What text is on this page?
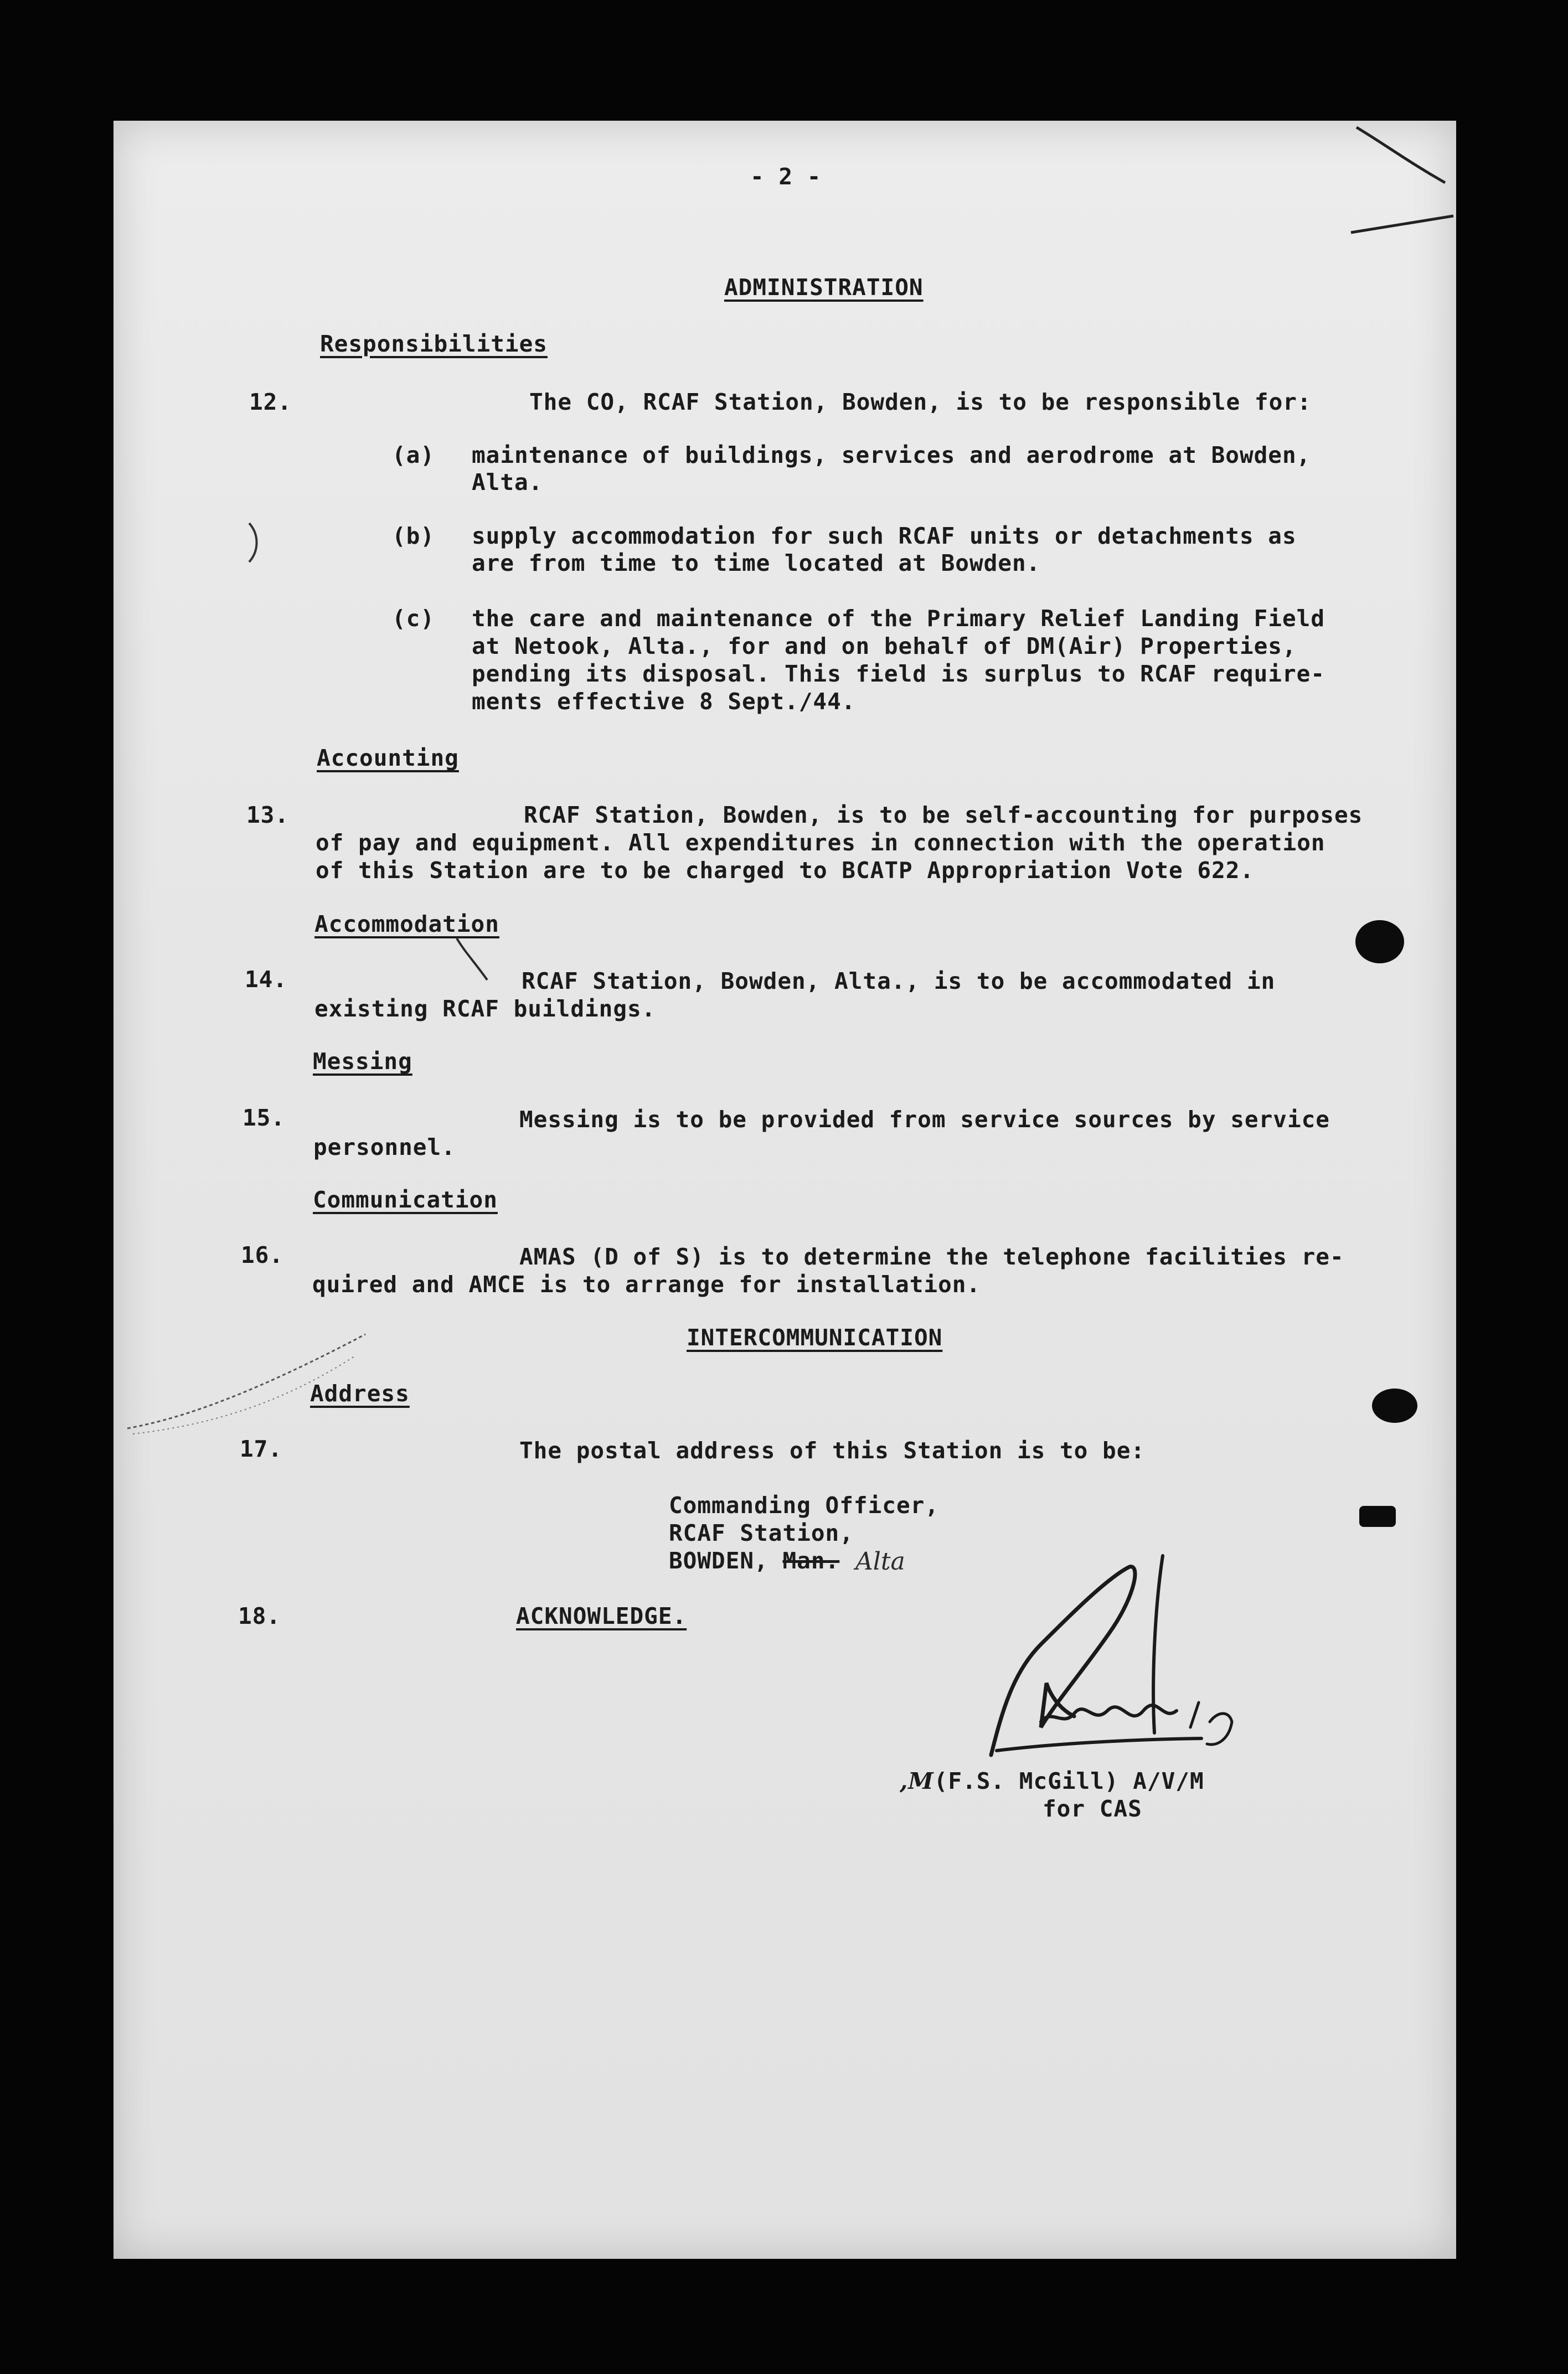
- 2 -
ADMINISTRATION
Responsibilities
12.	The CO, RCAF Station, Bowden, is to be responsible for:
(a) maintenance of buildings, services and aerodrome at Bowden,
Alta.
(b) supply accommodation for such RCAF units or detachments as
are from time to time located at Bowden.
(c) the care and maintenance of the Primary Relief Landing Field
at Netook, Alta., for and on behalf of DM(Air) Properties,
pending its disposal. This field is surplus to RCAF require-
ments effective 8 Sept./44.
Accounting
13.	RCAF Station, Bowden, is to be self-accounting for purposes
of pay and equipment. All expenditures in connection with the operation
of this Station are to be charged to BCATP Appropriation Vote 622.
Accommodation
14.	RCAF Station, Bowden, Alta., is to be accommodated in
existing RCAF buildings.
Messing
15.	Messing is to be provided from service sources by service
personnel.
Communication
16.	AMAS (D of S) is to determine the telephone facilities re-
quired and AMCE is to arrange for installation.
INTERCOMMUNICATION
Address
17.	The postal address of this Station is to be:
Commanding Officer,
RCAF Station,
BOWDEN, Man. Alta
18.	ACKNOWLEDGE.
,M(F.S. McGill) A/V/M
for CAS
